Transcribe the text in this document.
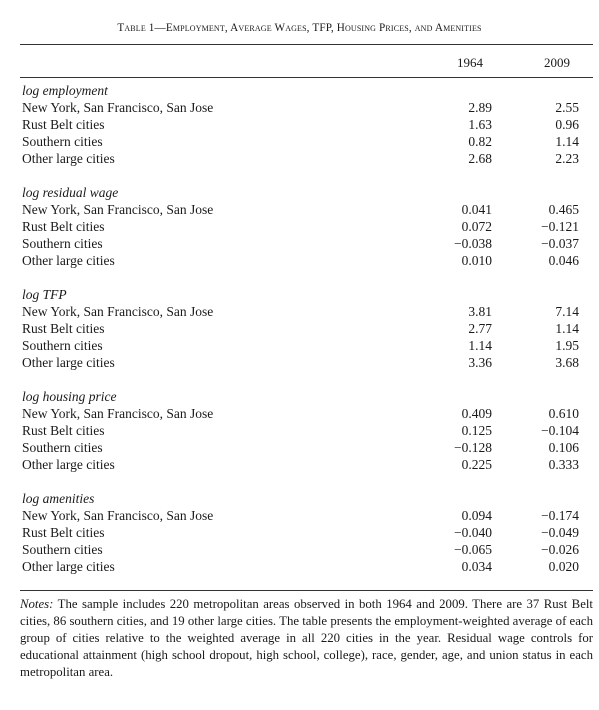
Table 1—Employment, Average Wages, TFP, Housing Prices, and Amenities
1964	2009
log employment
New York, San Francisco, San Jose	2.89	2.55
Rust Belt cities	1.63	0.96
Southern cities	0.82	1.14
Other large cities	2.68	2.23
log residual wage
New York, San Francisco, San Jose	0.041	0.465
Rust Belt cities	0.072	−0.121
Southern cities	−0.038	−0.037
Other large cities	0.010	0.046
log TFP
New York, San Francisco, San Jose	3.81	7.14
Rust Belt cities	2.77	1.14
Southern cities	1.14	1.95
Other large cities	3.36	3.68
log housing price
New York, San Francisco, San Jose	0.409	0.610
Rust Belt cities	0.125	−0.104
Southern cities	−0.128	0.106
Other large cities	0.225	0.333
log amenities
New York, San Francisco, San Jose	0.094	−0.174
Rust Belt cities	−0.040	−0.049
Southern cities	−0.065	−0.026
Other large cities	0.034	0.020
Notes: The sample includes 220 metropolitan areas observed in both 1964 and 2009. There are 37 Rust Belt cities, 86 southern cities, and 19 other large cities. The table presents the employment-weighted average of each group of cities relative to the weighted average in all 220 cities in the year. Residual wage controls for educational attainment (high school dropout, high school, college), race, gender, age, and union status in each metropolitan area.
